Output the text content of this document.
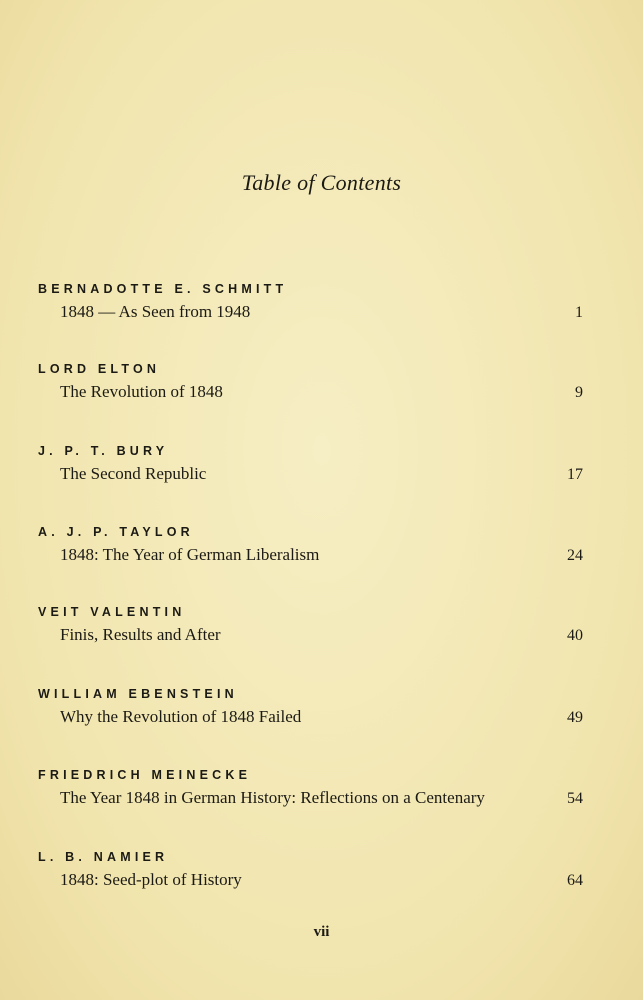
Table of Contents
BERNADOTTE E. SCHMITT
1848 — As Seen from 1948	1
LORD ELTON
The Revolution of 1848	9
J. P. T. BURY
The Second Republic	17
A. J. P. TAYLOR
1848: The Year of German Liberalism	24
VEIT VALENTIN
Finis, Results and After	40
WILLIAM EBENSTEIN
Why the Revolution of 1848 Failed	49
FRIEDRICH MEINECKE
The Year 1848 in German History: Reflections on a Centenary	54
L. B. NAMIER
1848: Seed-plot of History	64
vii
